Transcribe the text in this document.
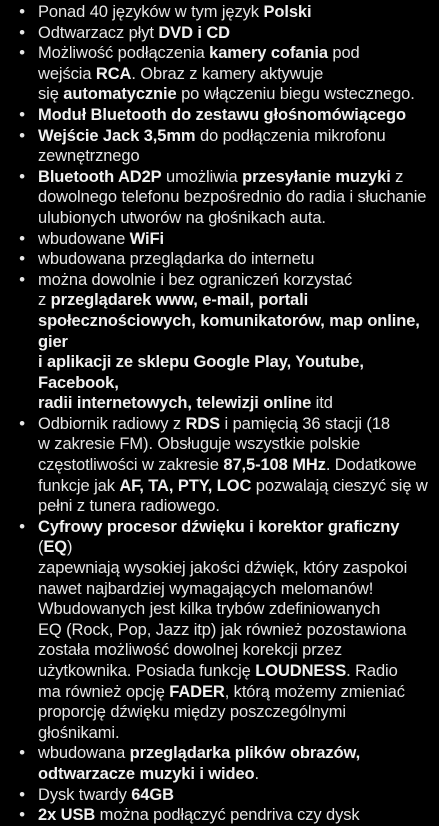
• Ponad 40 języków w tym język Polski
• Odtwarzacz płyt DVD i CD
• Możliwość podłączenia kamery cofania pod
wejścia RCA. Obraz z kamery aktywuje
się automatycznie po włączeniu biegu wstecznego.
• Moduł Bluetooth do zestawu głośnomówiącego
• Wejście Jack 3,5mm do podłączenia mikrofonu
zewnętrznego
• Bluetooth AD2P umożliwia przesyłanie muzyki z
dowolnego telefonu bezpośrednio do radia i słuchanie
ulubionych utworów na głośnikach auta.
• wbudowane WiFi
• wbudowana przeglądarka do internetu
• można dowolnie i bez ograniczeń korzystać
z przeglądarek www, e-mail, portali
społecznościowych, komunikatorów, map online, gier
i aplikacji ze sklepu Google Play, Youtube, Facebook,
radii internetowych, telewizji online itd
• Odbiornik radiowy z RDS i pamięcią 36 stacji (18
w zakresie FM). Obsługuje wszystkie polskie
częstotliwości w zakresie 87,5-108 MHz. Dodatkowe
funkcje jak AF, TA, PTY, LOC pozwalają cieszyć się w
pełni z tunera radiowego.
• Cyfrowy procesor dźwięku i korektor graficzny (EQ)
zapewniają wysokiej jakości dźwięk, który zaspokoi
nawet najbardziej wymagających melomanów!
Wbudowanych jest kilka trybów zdefiniowanych
EQ (Rock, Pop, Jazz itp) jak również pozostawiona
została możliwość dowolnej korekcji przez
użytkownika. Posiada funkcję LOUDNESS. Radio
ma również opcję FADER, którą możemy zmieniać
proporcję dźwięku między poszczególnymi
głośnikami.
• wbudowana przeglądarka plików obrazów,
odtwarzacze muzyki i wideo.
• Dysk twardy 64GB
• 2x USB można podłączyć pendriva czy dysk
